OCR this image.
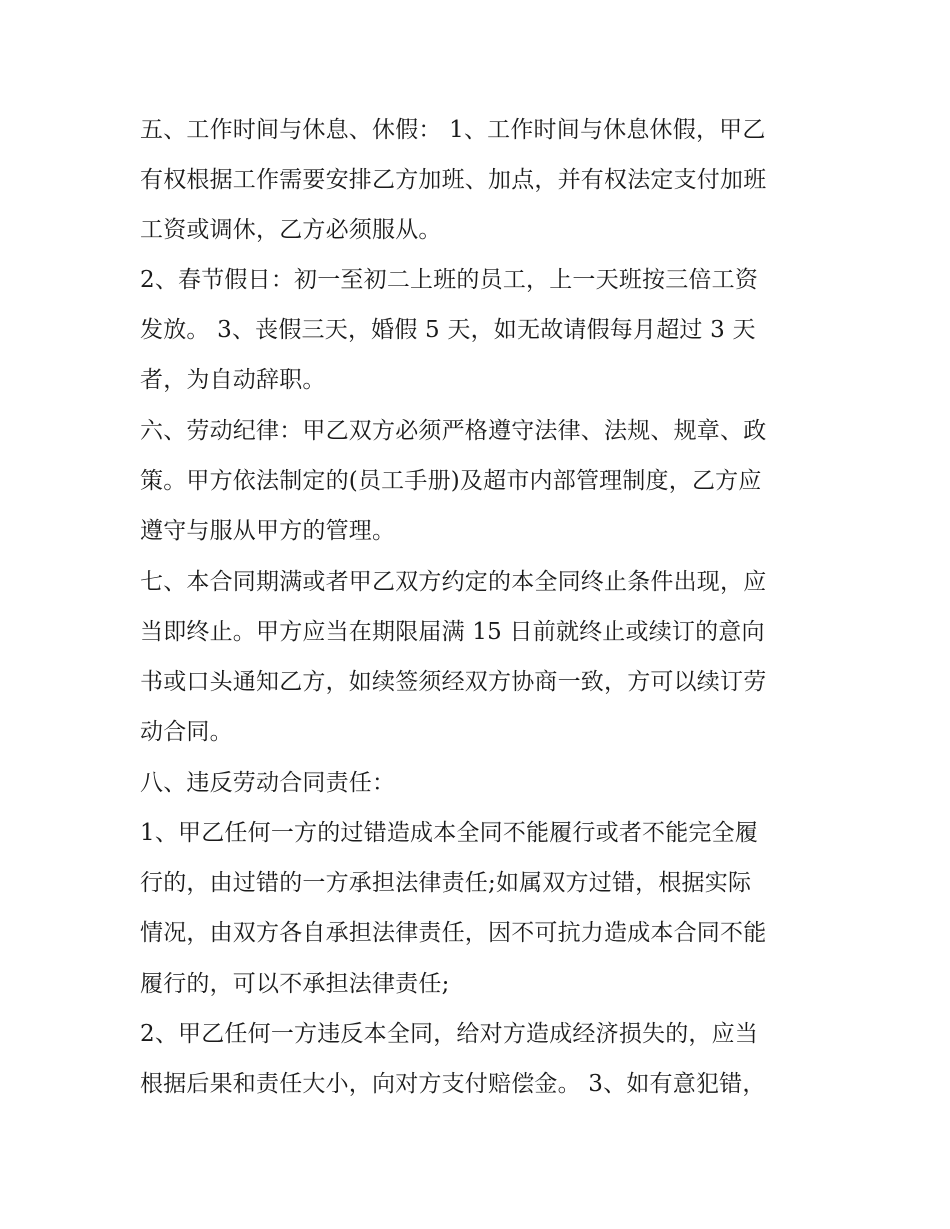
五、工作时间与休息、休假： 1、工作时间与休息休假，甲乙
有权根据工作需要安排乙方加班、加点，并有权法定支付加班
工资或调休，乙方必须服从。
2、春节假日：初一至初二上班的员工，上一天班按三倍工资
发放。 3、丧假三天，婚假 5 天，如无故请假每月超过 3 天
者，为自动辞职。
六、劳动纪律：甲乙双方必须严格遵守法律、法规、规章、政
策。甲方依法制定的(员工手册)及超市内部管理制度，乙方应
遵守与服从甲方的管理。
七、本合同期满或者甲乙双方约定的本全同终止条件出现，应
当即终止。甲方应当在期限届满 15 日前就终止或续订的意向
书或口头通知乙方，如续签须经双方协商一致，方可以续订劳
动合同。
八、违反劳动合同责任：
1、甲乙任何一方的过错造成本全同不能履行或者不能完全履
行的，由过错的一方承担法律责任;如属双方过错，根据实际
情况，由双方各自承担法律责任，因不可抗力造成本合同不能
履行的，可以不承担法律责任;
2、甲乙任何一方违反本全同，给对方造成经济损失的，应当
根据后果和责任大小，向对方支付赔偿金。 3、如有意犯错，
